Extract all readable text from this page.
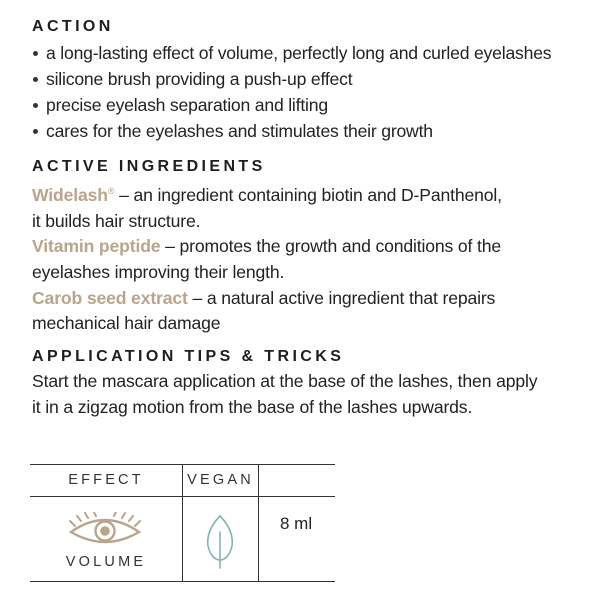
ACTION
a long-lasting effect of volume, perfectly long and curled eyelashes
silicone brush providing a push-up effect
precise eyelash separation and lifting
cares for the eyelashes and stimulates their growth
ACTIVE INGREDIENTS

Widelash® – an ingredient containing biotin and D-Panthenol,
it builds hair structure.

Vitamin peptide – promotes the growth and conditions of the
eyelashes improving their length.

Carob seed extract – a natural active ingredient that repairs
mechanical hair damage

APPLICATION TIPS & TRICKS

Start the mascara application at the base of the lashes, then apply
it in a zigzag motion from the base of the lashes upwards.

EFFECT	VEGAN
VOLUME
8 ml
